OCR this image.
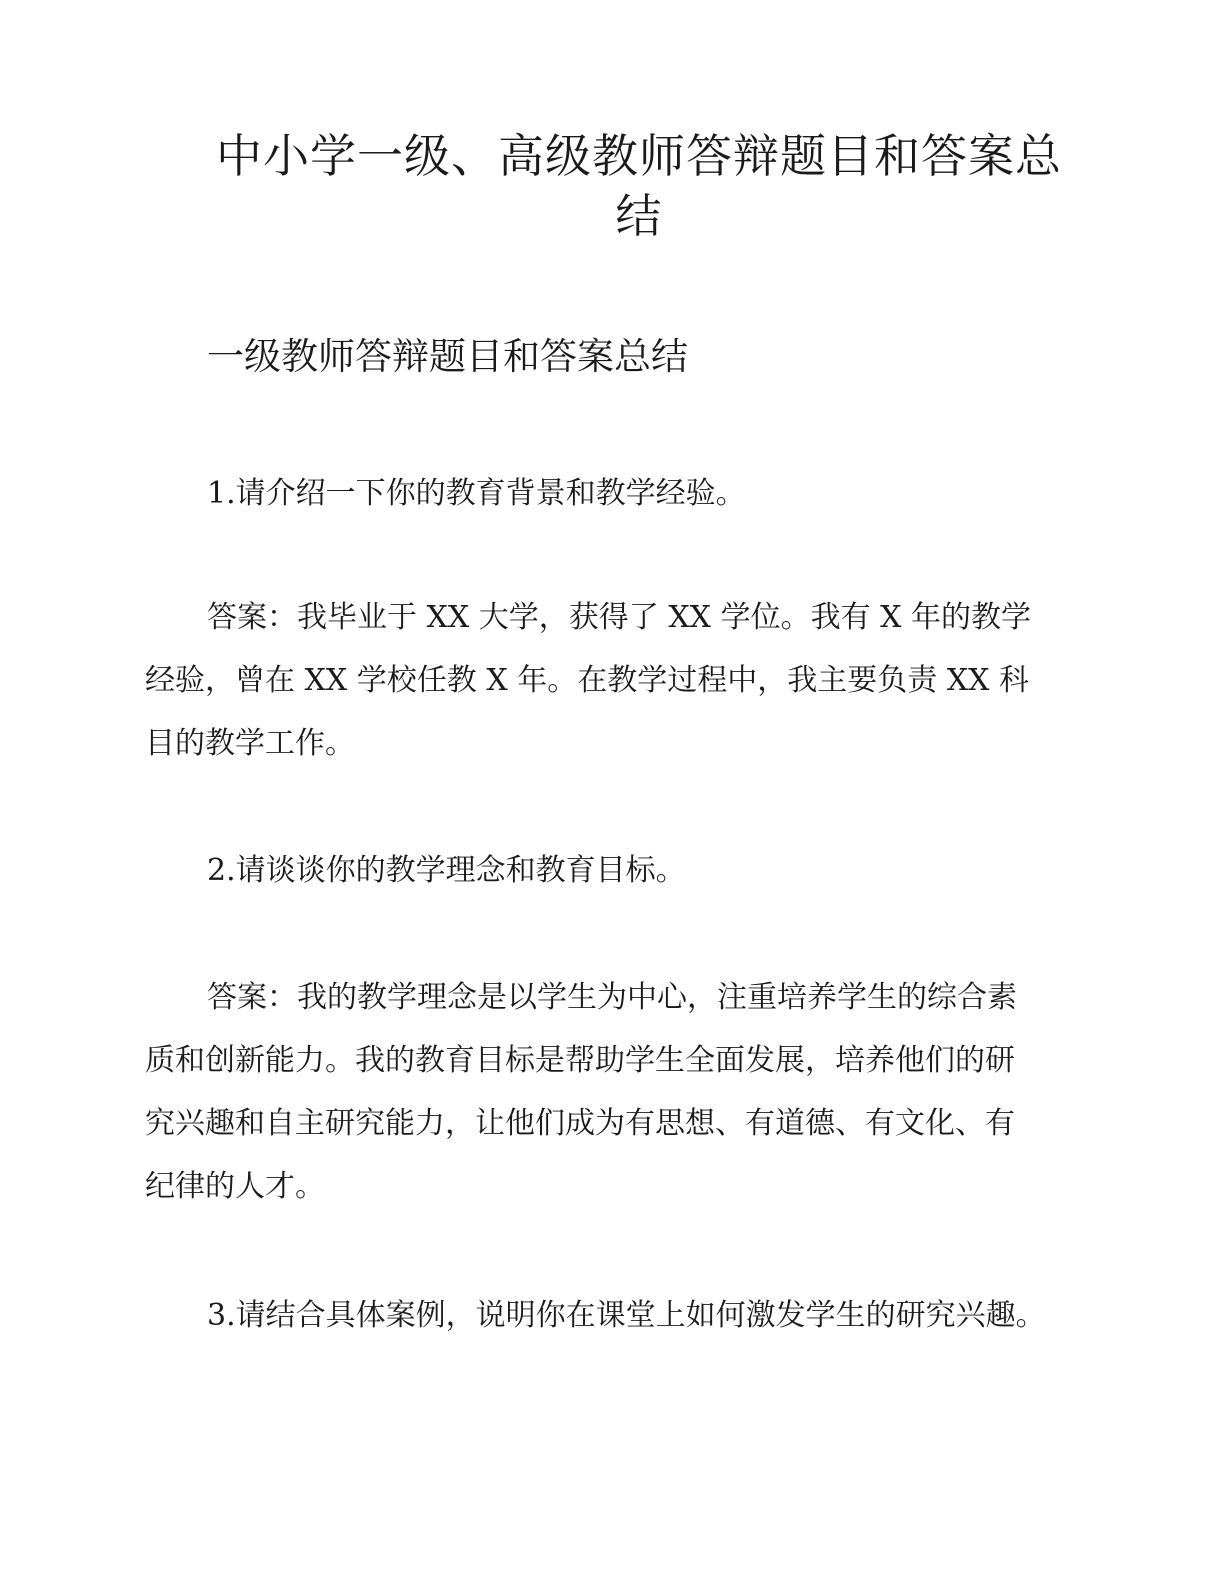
中小学一级、高级教师答辩题目和答案总
结
一级教师答辩题目和答案总结

1.请介绍一下你的教育背景和教学经验。

答案：我毕业于 XX 大学，获得了 XX 学位。我有 X 年的教学
经验，曾在 XX 学校任教 X 年。在教学过程中，我主要负责 XX 科
目的教学工作。

2.请谈谈你的教学理念和教育目标。

答案：我的教学理念是以学生为中心，注重培养学生的综合素
质和创新能力。我的教育目标是帮助学生全面发展，培养他们的研
究兴趣和自主研究能力，让他们成为有思想、有道德、有文化、有
纪律的人才。

3.请结合具体案例，说明你在课堂上如何激发学生的研究兴趣。
